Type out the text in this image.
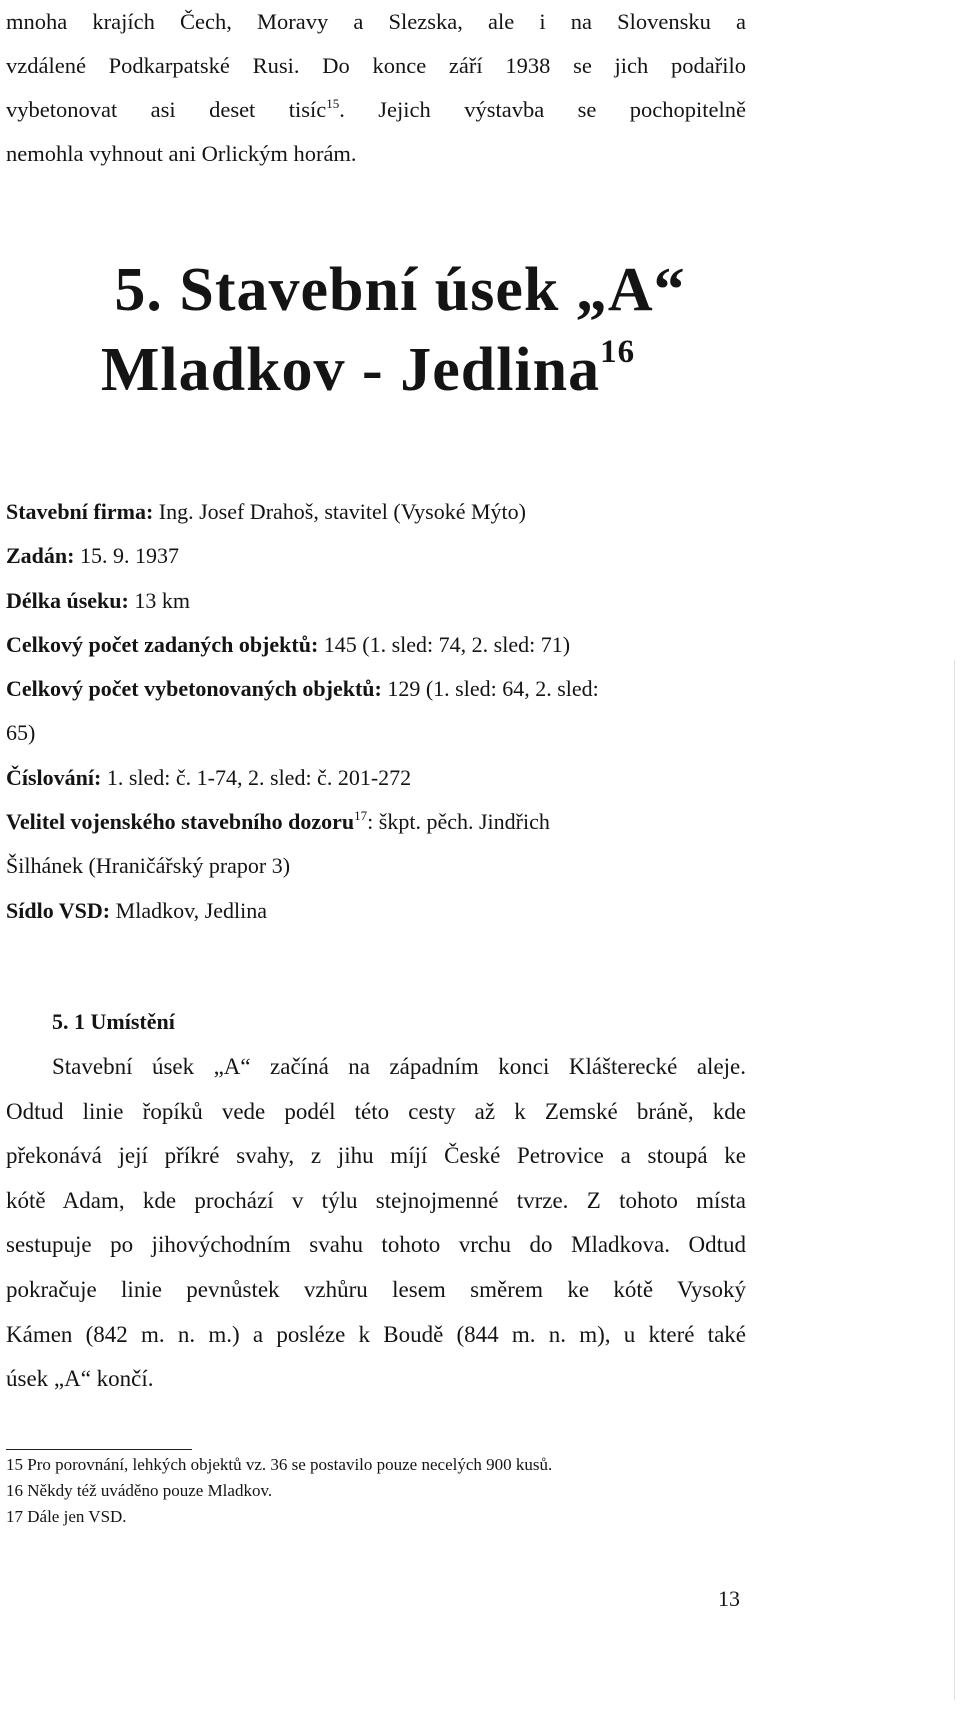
mnoha krajích Čech, Moravy a Slezska, ale i na Slovensku a
vzdálené Podkarpatské Rusi. Do konce září 1938 se jich podařilo
vybetonovat asi deset tisíc$^{15}$. Jejich výstavba se pochopitelně
nemohla vyhnout ani Orlickým horám.
5. Stavební úsek „A“
Mladkov - Jedlina$^{16}$
Stavební firma: Ing. Josef Drahoš, stavitel (Vysoké Mýto)
Zadán: 15. 9. 1937
Délka úseku: 13 km
Celkový počet zadaných objektů: 145 (1. sled: 74, 2. sled: 71)
Celkový počet vybetonovaných objektů: 129 (1. sled: 64, 2. sled:
65)
Číslování: 1. sled: č. 1-74, 2. sled: č. 201-272
Velitel vojenského stavebního dozoru$^{17}$: škpt. pěch. Jindřich
Šilhánek (Hraničářský prapor 3)
Sídlo VSD: Mladkov, Jedlina
5. 1 Umístění
Stavební úsek „A“ začíná na západním konci Klášterecké aleje.
Odtud linie řopíků vede podél této cesty až k Zemské bráně, kde
překonává její příkré svahy, z jihu míjí České Petrovice a stoupá ke
kótě Adam, kde prochází v týlu stejnojmenné tvrze. Z tohoto místa
sestupuje po jihovýchodním svahu tohoto vrchu do Mladkova. Odtud
pokračuje linie pevnůstek vzhůru lesem směrem ke kótě Vysoký
Kámen (842 m. n. m.) a posléze k Boudě (844 m. n. m), u které také
úsek „A“ končí.
15 Pro porovnání, lehkých objektů vz. 36 se postavilo pouze necelých 900 kusů.
16 Někdy též uváděno pouze Mladkov.
17 Dále jen VSD.
13
